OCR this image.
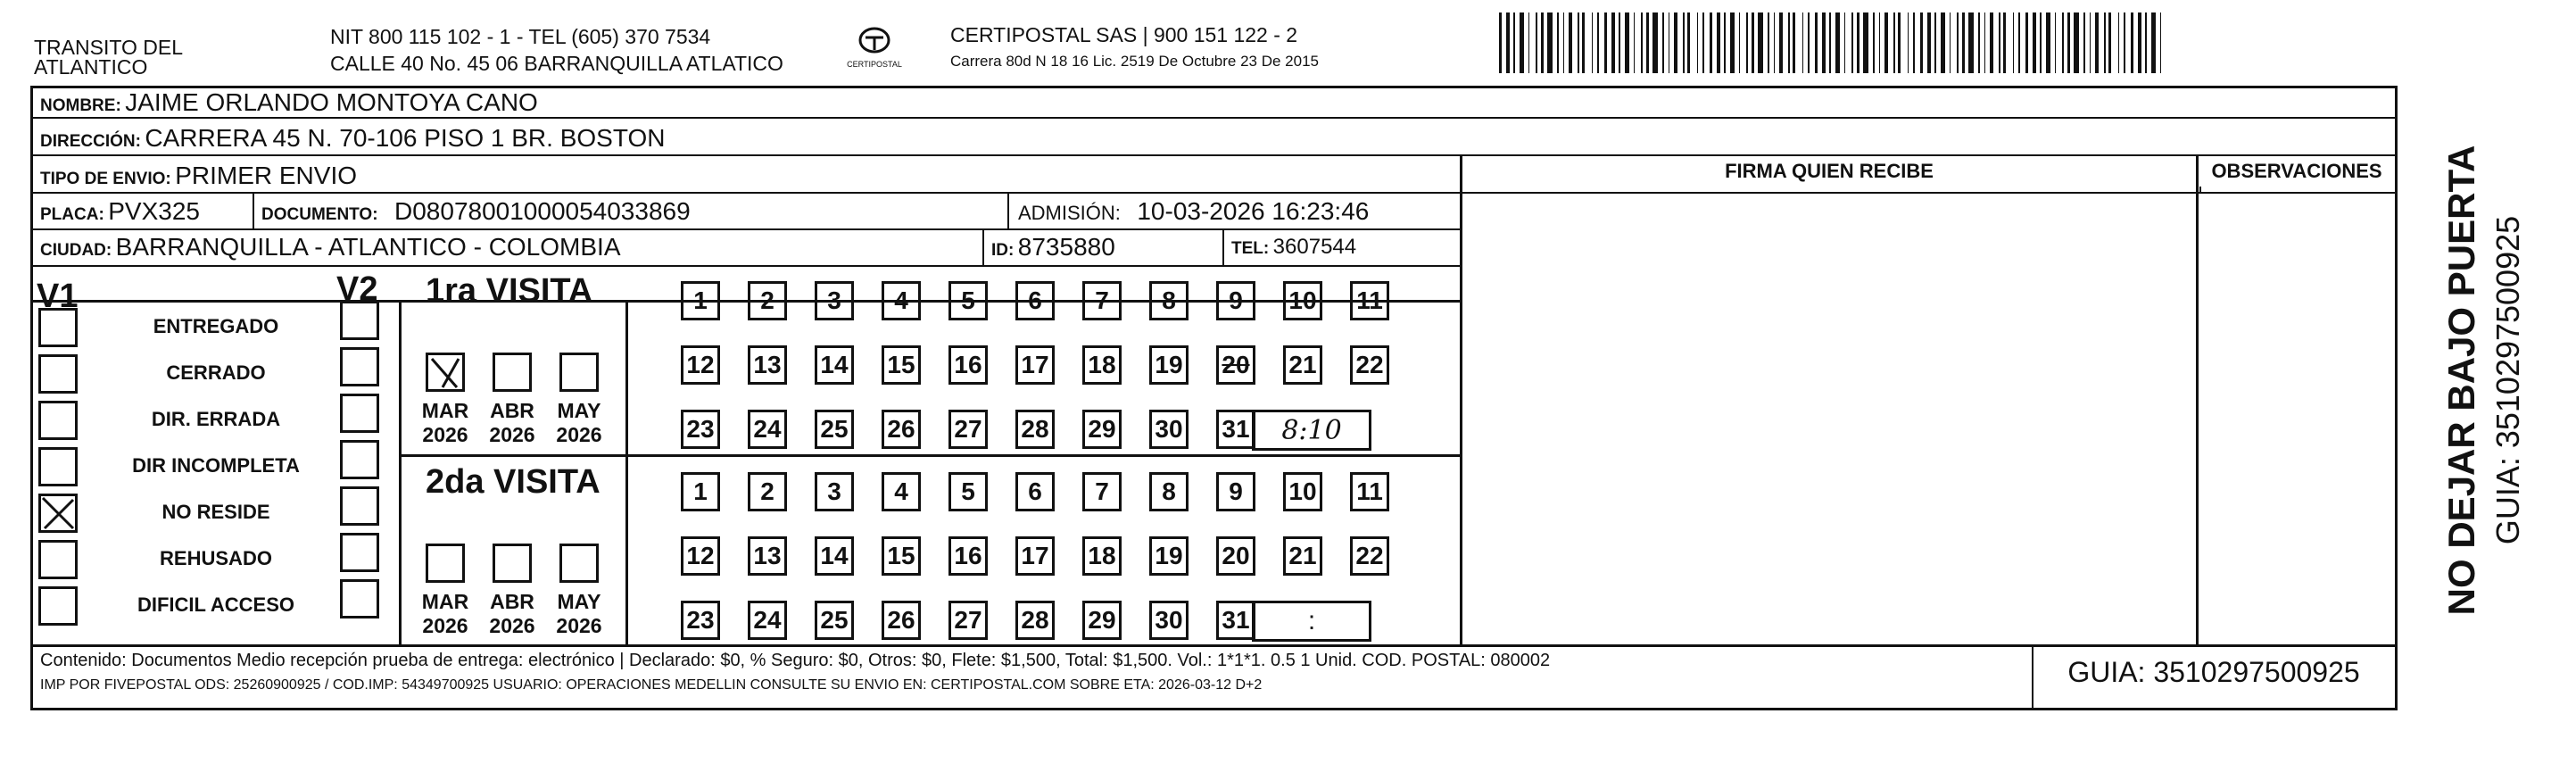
TRANSITO DEL
ATLANTICO
NIT 800 115 102 - 1 - TEL (605) 370 7534
CALLE 40 No. 45 06 BARRANQUILLA ATLATICO	CERTIPOSTAL
CERTIPOSTAL SAS | 900 151 122 - 2
Carrera 80d N 18 16 Lic. 2519 De Octubre 23 De 2015
NOMBRE: JAIME ORLANDO MONTOYA CANO
DIRECCIÓN: CARRERA 45 N. 70-106 PISO 1 BR. BOSTON
TIPO DE ENVIO: PRIMER ENVIO
PLACA: PVX325	DOCUMENTO: D08078001000054033869	ADMISIÓN: 10-03-2026 16:23:46
CIUDAD: BARRANQUILLA - ATLANTICO - COLOMBIA	ID: 8735880	TEL: 3607544
FIRMA QUIEN RECIBE	OBSERVACIONES
V1	V2
ENTREGADO
CERRADO
DIR. ERRADA
DIR INCOMPLETA
NO RESIDE
REHUSADO
DIFICIL ACCESO
1ra VISITA
2da VISITA
MAR
2026
ABR
2026
MAY
2026
1	2	3	4	5	6	7	8	9	10 11
12 13 14 15 16 17 18 19 20 21 22
23 24 25 26 27 28 29 30 31	8:10
MAR
2026
ABR
2026
MAY
2026
1	2	3	4	5	6	7	8	9	10 11
12 13 14 15 16 17 18 19 20 21 22
23 24 25 26 27 28 29 30 31	:
Contenido: Documentos Medio recepción prueba de entrega: electrónico | Declarado: $0, % Seguro: $0, Otros: $0, Flete: $1,500, Total: $1,500. Vol.: 1*1*1. 0.5 1 Unid. COD. POSTAL: 080002
IMP POR FIVEPOSTAL ODS: 25260900925 / COD.IMP: 54349700925 USUARIO: OPERACIONES MEDELLIN CONSULTE SU ENVIO EN: CERTIPOSTAL.COM SOBRE ETA: 2026-03-12 D+2	GUIA: 3510297500925
NO DEJAR BAJO PUERTA GUIA: 3510297500925
